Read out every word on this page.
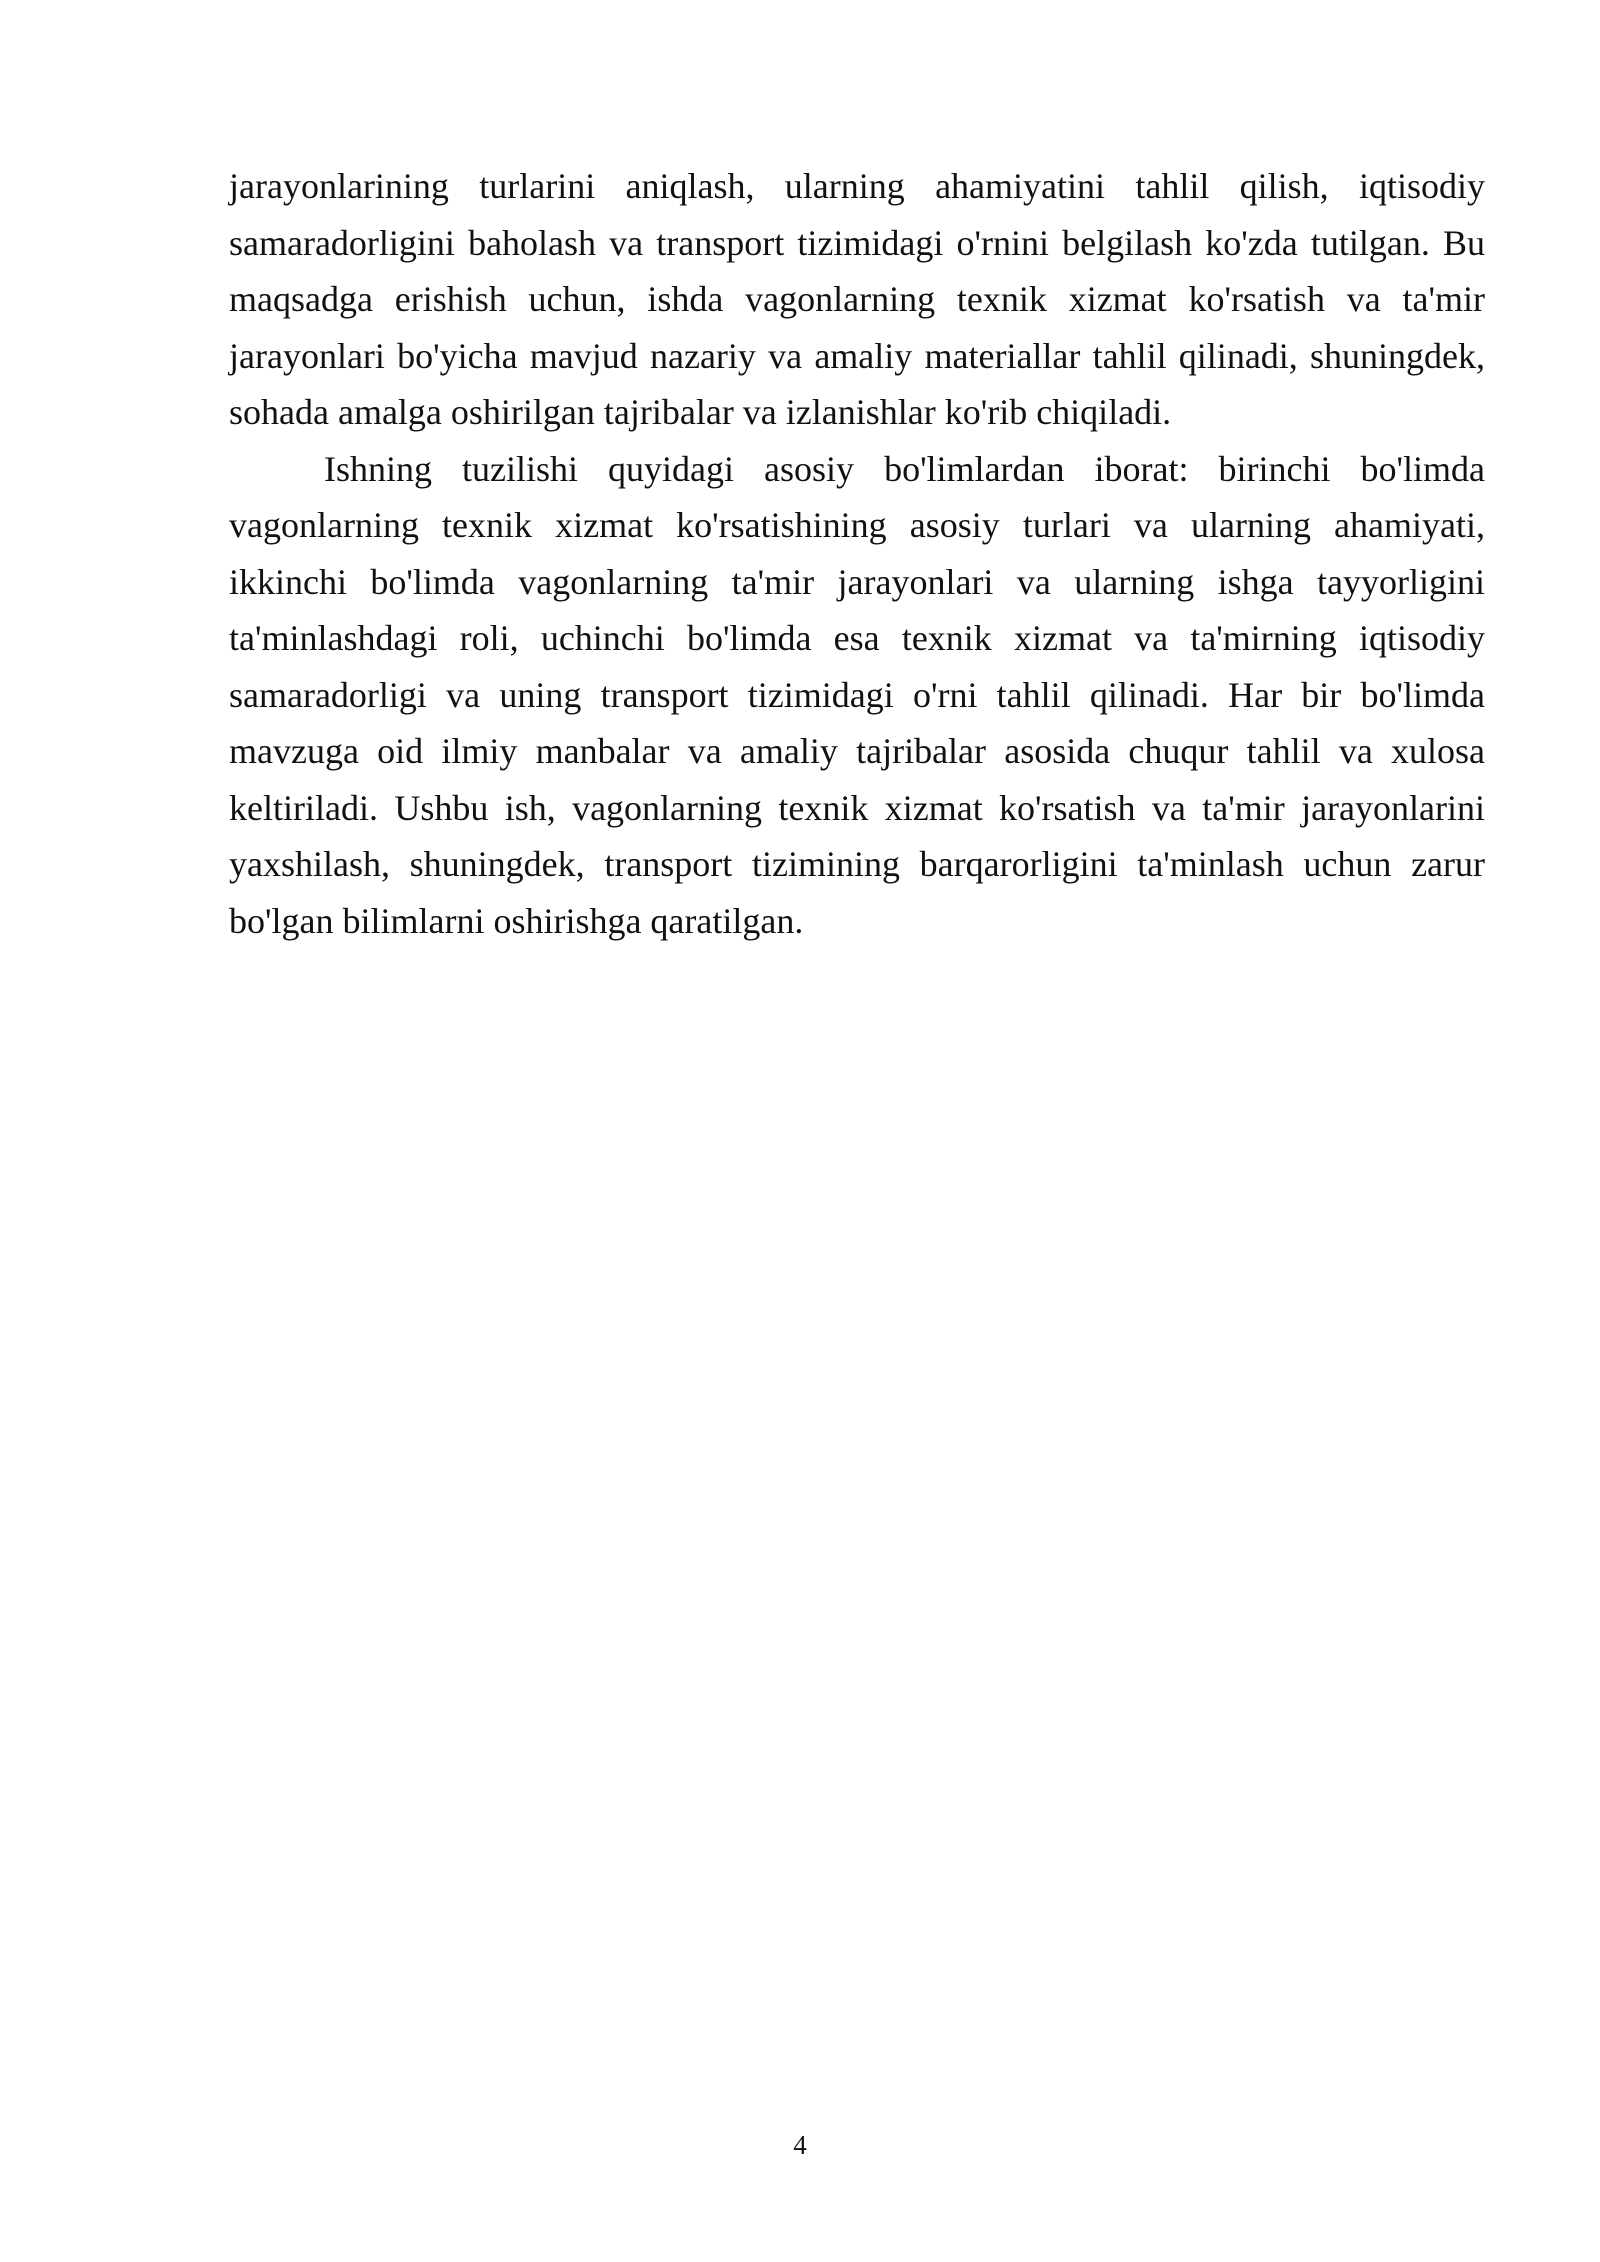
jarayonlarining turlarini aniqlash, ularning ahamiyatini tahlil qilish, iqtisodiy samaradorligini baholash va transport tizimidagi o'rnini belgilash ko'zda tutilgan. Bu maqsadga erishish uchun, ishda vagonlarning texnik xizmat ko'rsatish va ta'mir jarayonlari bo'yicha mavjud nazariy va amaliy materiallar tahlil qilinadi, shuningdek, sohada amalga oshirilgan tajribalar va izlanishlar ko'rib chiqiladi.

Ishning tuzilishi quyidagi asosiy bo'limlardan iborat: birinchi bo'limda vagonlarning texnik xizmat ko'rsatishining asosiy turlari va ularning ahamiyati, ikkinchi bo'limda vagonlarning ta'mir jarayonlari va ularning ishga tayyorligini ta'minlashdagi roli, uchinchi bo'limda esa texnik xizmat va ta'mirning iqtisodiy samaradorligi va uning transport tizimidagi o'rni tahlil qilinadi. Har bir bo'limda mavzuga oid ilmiy manbalar va amaliy tajribalar asosida chuqur tahlil va xulosa keltiriladi. Ushbu ish, vagonlarning texnik xizmat ko'rsatish va ta'mir jarayonlarini yaxshilash, shuningdek, transport tizimining barqarorligini ta'minlash uchun zarur bo'lgan bilimlarni oshirishga qaratilgan.

4
